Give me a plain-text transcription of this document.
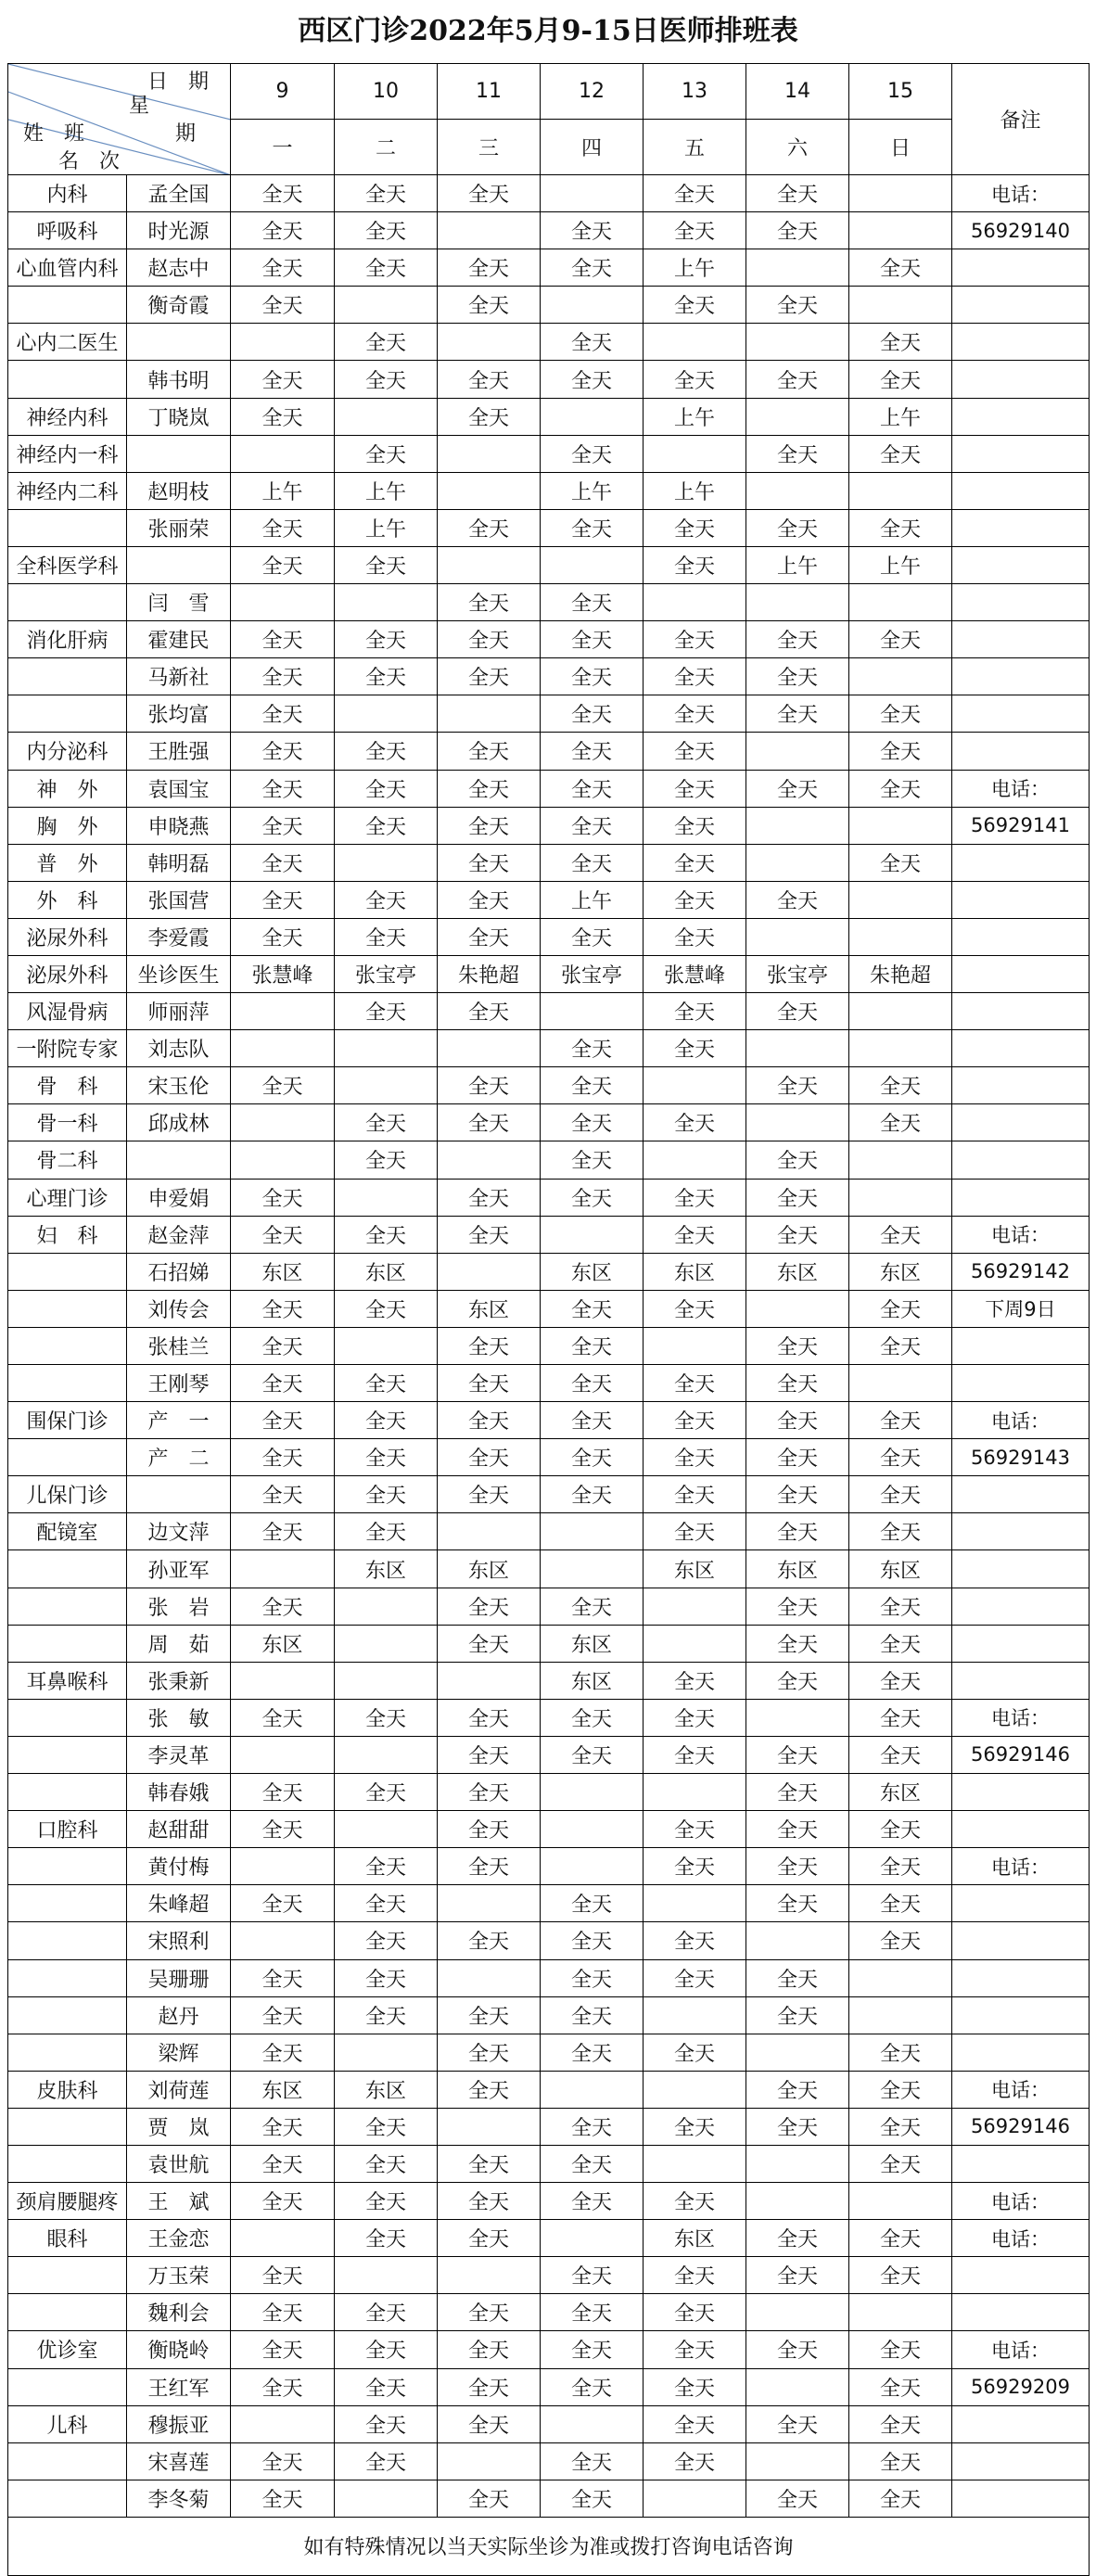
西区门诊2022年5月9-15日医师排班表
日　期
星
期
姓　班
名　次		9	10	11	12	13	14	15	备注
		一	二	三	四	五	六	日	
内科	孟全国	全天	全天	全天		全天	全天		电话：
呼吸科	时光源	全天	全天		全天	全天	全天		56929140
心血管内科	赵志中	全天	全天	全天	全天	上午		全天	
	衡奇霞	全天		全天		全天	全天		
心内二医生			全天		全天			全天	
	韩书明	全天	全天	全天	全天	全天	全天	全天	
神经内科	丁晓岚	全天		全天		上午		上午	
神经内一科			全天		全天		全天	全天	
神经内二科	赵明枝	上午	上午		上午	上午			
	张丽荣	全天	上午	全天	全天	全天	全天	全天	
全科医学科		全天	全天			全天	上午	上午	
	闫　雪			全天	全天				
消化肝病	霍建民	全天	全天	全天	全天	全天	全天	全天	
	马新社	全天	全天	全天	全天	全天	全天		
	张均富	全天			全天	全天	全天	全天	
内分泌科	王胜强	全天	全天	全天	全天	全天		全天	
神　外	袁国宝	全天	全天	全天	全天	全天	全天	全天	电话：
胸　外	申晓燕	全天	全天	全天	全天	全天			56929141
普　外	韩明磊	全天		全天	全天	全天		全天	
外　科	张国营	全天	全天	全天	上午	全天	全天		
泌尿外科	李爱霞	全天	全天	全天	全天	全天			
泌尿外科	坐诊医生	张慧峰	张宝亭	朱艳超	张宝亭	张慧峰	张宝亭	朱艳超	
风湿骨病	师丽萍		全天	全天		全天	全天		
一附院专家	刘志队				全天	全天			
骨　科	宋玉伦	全天		全天	全天		全天	全天	
骨一科	邱成林		全天	全天	全天	全天		全天	
骨二科			全天		全天		全天		
心理门诊	申爱娟	全天		全天	全天	全天	全天		
妇　科	赵金萍	全天	全天	全天		全天	全天	全天	电话：
	石招娣	东区	东区		东区	东区	东区	东区	56929142
	刘传会	全天	全天	东区	全天	全天		全天	下周9日
	张桂兰	全天		全天	全天		全天	全天	
	王刚琴	全天	全天	全天	全天	全天	全天		
围保门诊	产　一	全天	全天	全天	全天	全天	全天	全天	电话：
	产　二	全天	全天	全天	全天	全天	全天	全天	56929143
儿保门诊		全天	全天	全天	全天	全天	全天	全天	
配镜室	边文萍	全天	全天			全天	全天	全天	
	孙亚军		东区	东区		东区	东区	东区	
	张　岩	全天		全天	全天		全天	全天	
	周　茹	东区		全天	东区		全天	全天	
耳鼻喉科	张秉新				东区	全天	全天	全天	
	张　敏	全天	全天	全天	全天	全天		全天	电话：
	李灵革			全天	全天	全天	全天	全天	56929146
	韩春娥	全天	全天	全天			全天	东区	
口腔科	赵甜甜	全天		全天		全天	全天	全天	
	黄付梅		全天	全天		全天	全天	全天	电话：
	朱峰超	全天	全天		全天		全天	全天	
	宋照利		全天	全天	全天	全天		全天	
	吴珊珊	全天	全天		全天	全天	全天		
	赵丹	全天	全天	全天	全天		全天		
	梁辉	全天		全天	全天	全天		全天	
皮肤科	刘荷莲	东区	东区	全天			全天	全天	电话：
	贾　岚	全天	全天		全天	全天	全天	全天	56929146
	袁世航	全天	全天	全天	全天			全天	
颈肩腰腿疼	王　斌	全天	全天	全天	全天	全天			电话：
眼科	王金恋		全天	全天		东区	全天	全天	电话：
	万玉荣	全天			全天	全天	全天	全天	
	魏利会	全天	全天	全天	全天	全天			
优诊室	衡晓岭	全天	全天	全天	全天	全天	全天	全天	电话：
	王红军	全天	全天	全天	全天	全天		全天	56929209
儿科	穆振亚		全天	全天		全天	全天	全天	
	宋喜莲	全天	全天		全天	全天		全天	
	李冬菊	全天		全天	全天		全天	全天	
如有特殊情况以当天实际坐诊为准或拨打咨询电话咨询									
